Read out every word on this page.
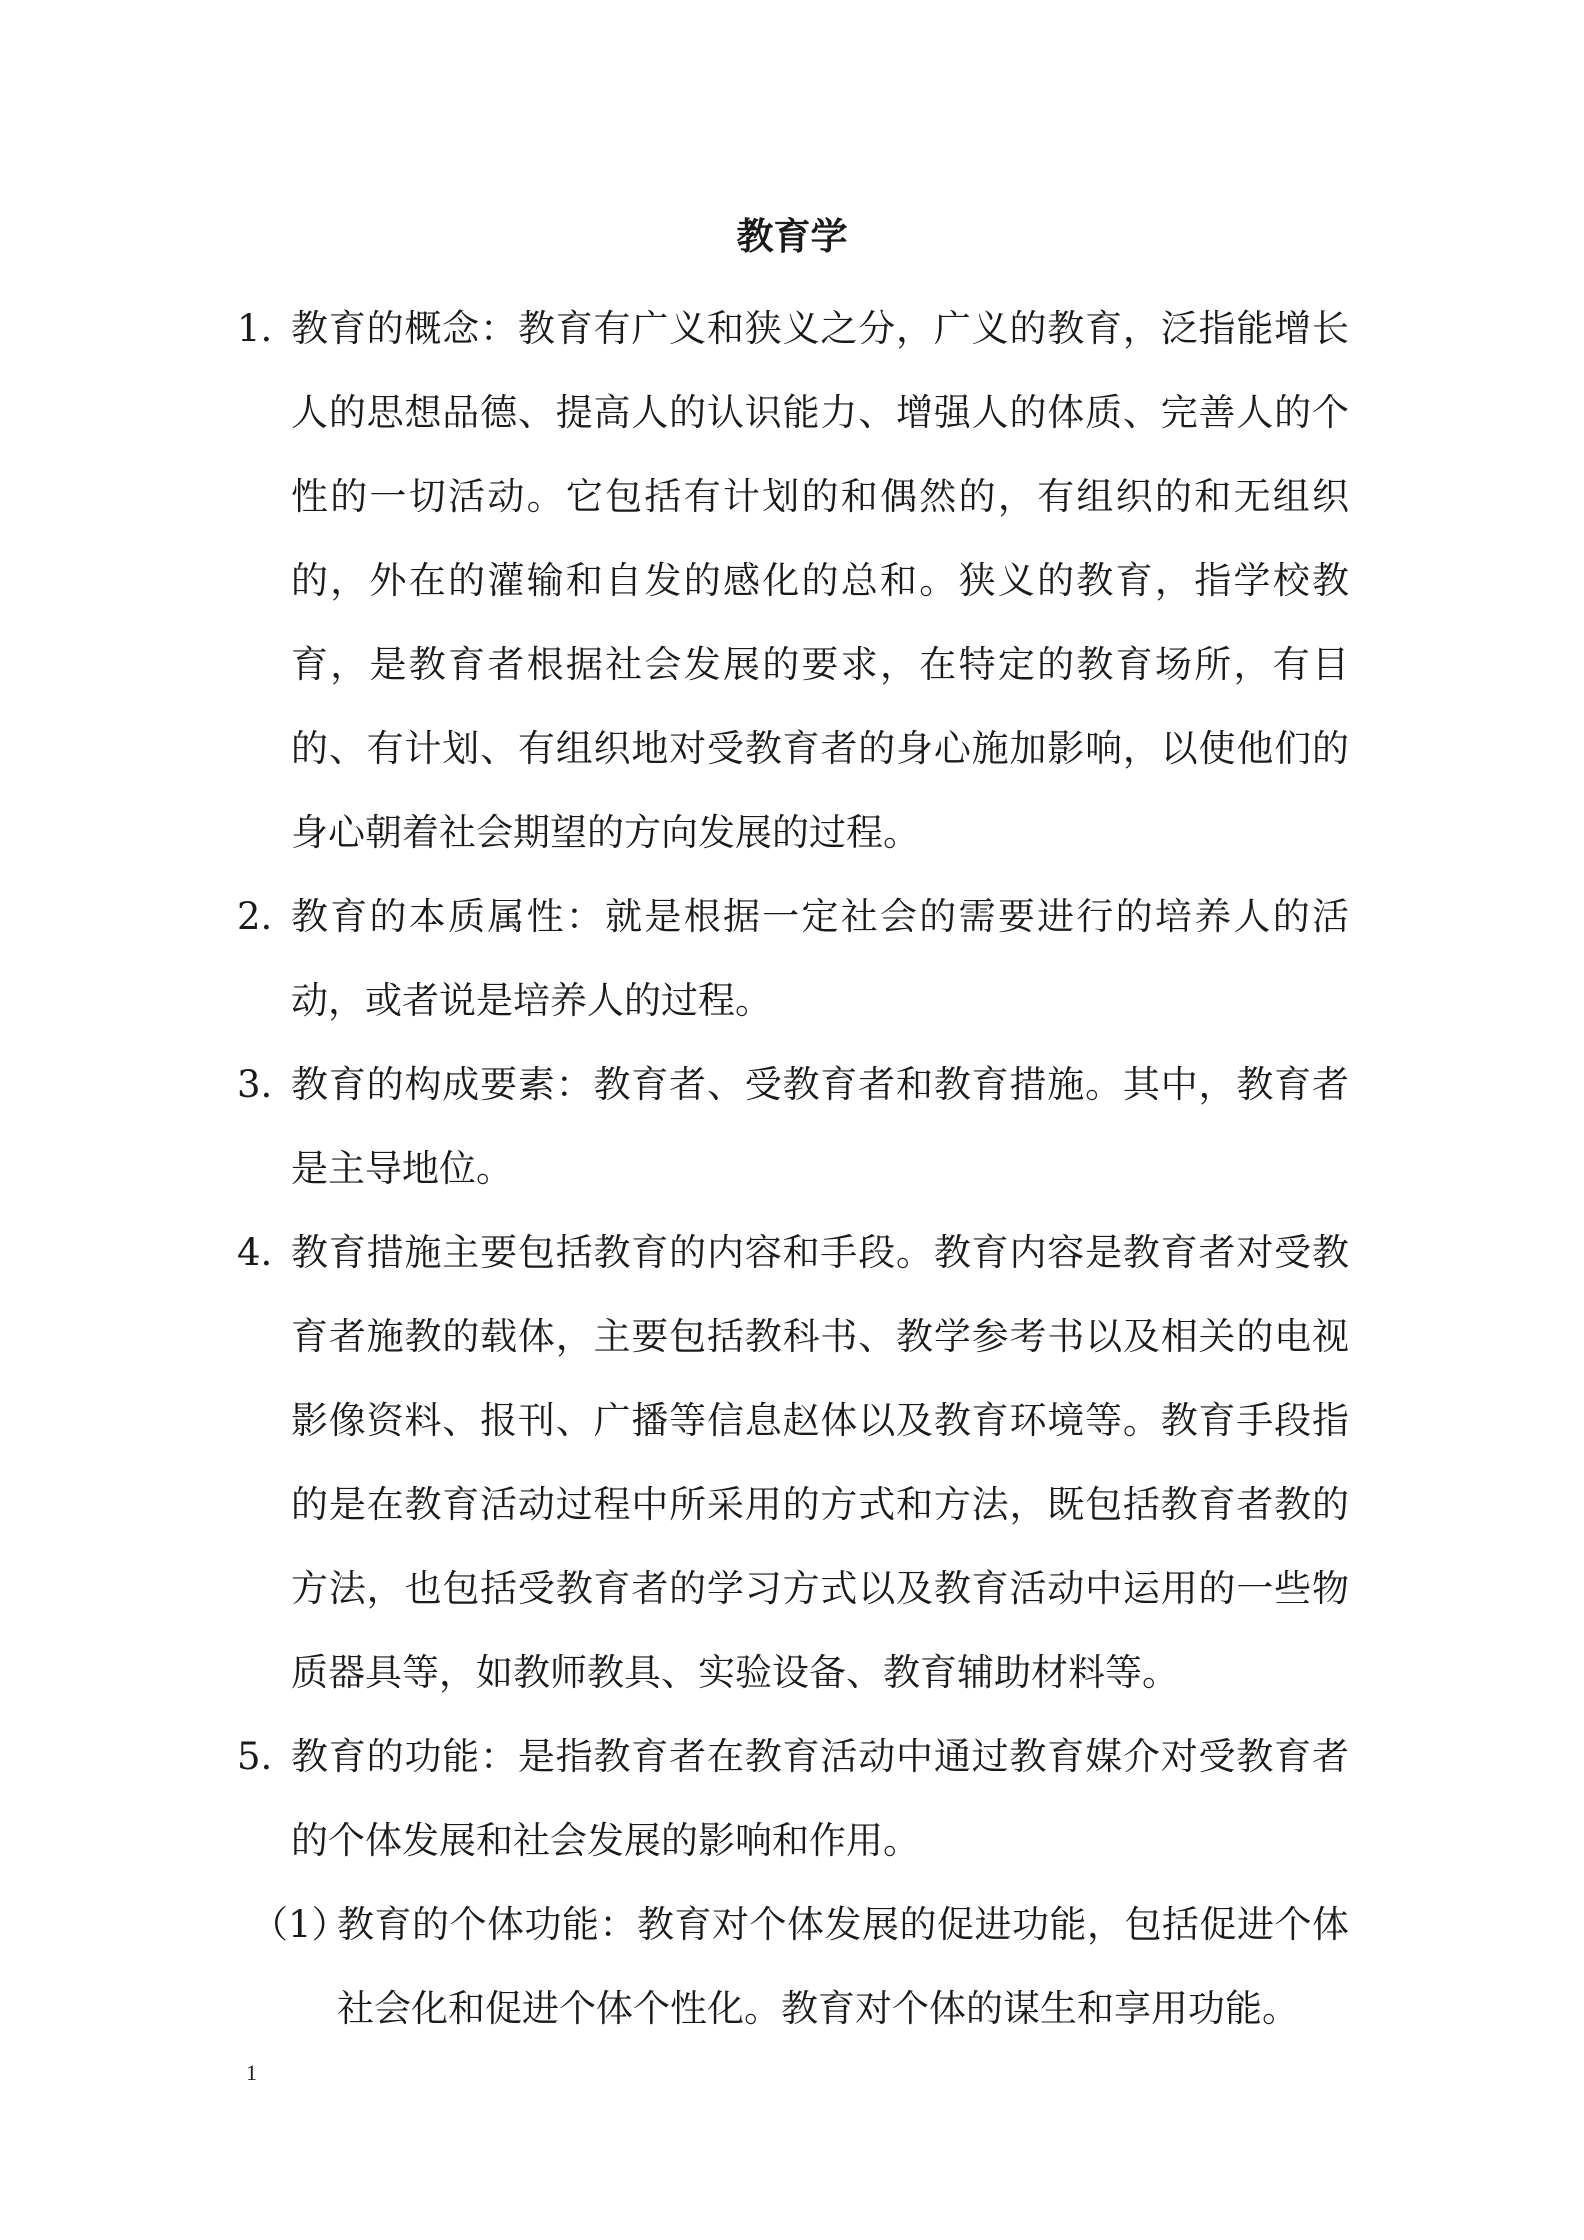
教育学
1. 教育的概念：教育有广义和狭义之分，广义的教育，泛指能增长人的思想品德、提高人的认识能力、增强人的体质、完善人的个性的一切活动。它包括有计划的和偶然的，有组织的和无组织的，外在的灌输和自发的感化的总和。狭义的教育，指学校教育，是教育者根据社会发展的要求，在特定的教育场所，有目的、有计划、有组织地对受教育者的身心施加影响，以使他们的身心朝着社会期望的方向发展的过程。
2. 教育的本质属性：就是根据一定社会的需要进行的培养人的活动，或者说是培养人的过程。
3. 教育的构成要素：教育者、受教育者和教育措施。其中，教育者是主导地位。
4. 教育措施主要包括教育的内容和手段。教育内容是教育者对受教育者施教的载体，主要包括教科书、教学参考书以及相关的电视影像资料、报刊、广播等信息赵体以及教育环境等。教育手段指的是在教育活动过程中所采用的方式和方法，既包括教育者教的方法，也包括受教育者的学习方式以及教育活动中运用的一些物质器具等，如教师教具、实验设备、教育辅助材料等。
5. 教育的功能：是指教育者在教育活动中通过教育媒介对受教育者的个体发展和社会发展的影响和作用。
（1）
教育的个体功能：教育对个体发展的促进功能，包括促进个体社会化和促进个体个性化。教育对个体的谋生和享用功能。
1
